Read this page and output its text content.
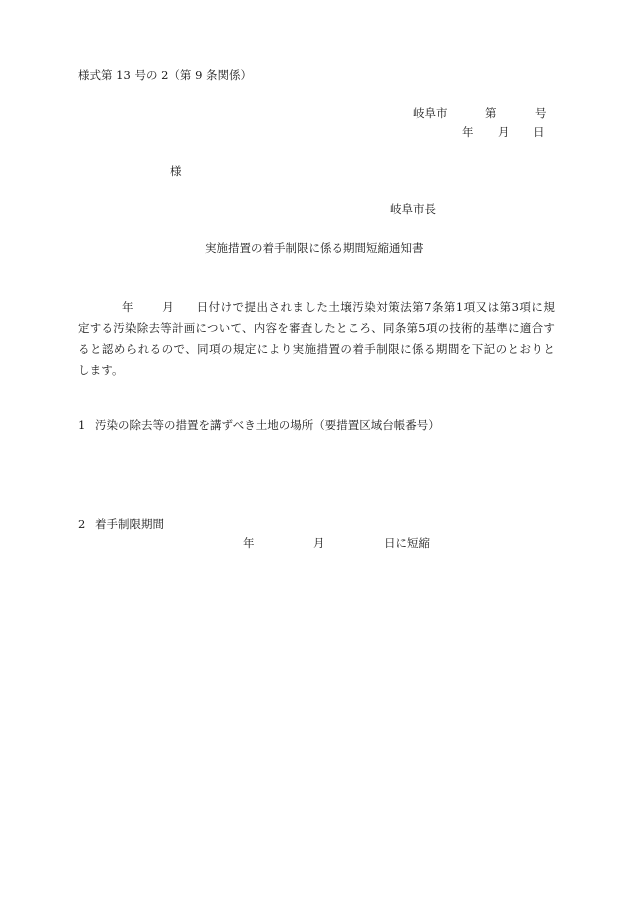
様式第 13 号の 2（第 9 条関係）
岐阜市	第	号
年 月 日
様
岐阜市長
実施措置の着手制限に係る期間短縮通知書
年 月 日付けで提出されました土壌汚染対策法第7条第1項又は第3項に規定する汚染除去等計画について、内容を審査したところ、同条第5項の技術的基準に適合すると認められるので、同項の規定により実施措置の着手制限に係る期間を下記のとおりとします。
1 汚染の除去等の措置を講ずべき土地の場所（要措置区域台帳番号）
2 着手制限期間
年	月	日に短縮
